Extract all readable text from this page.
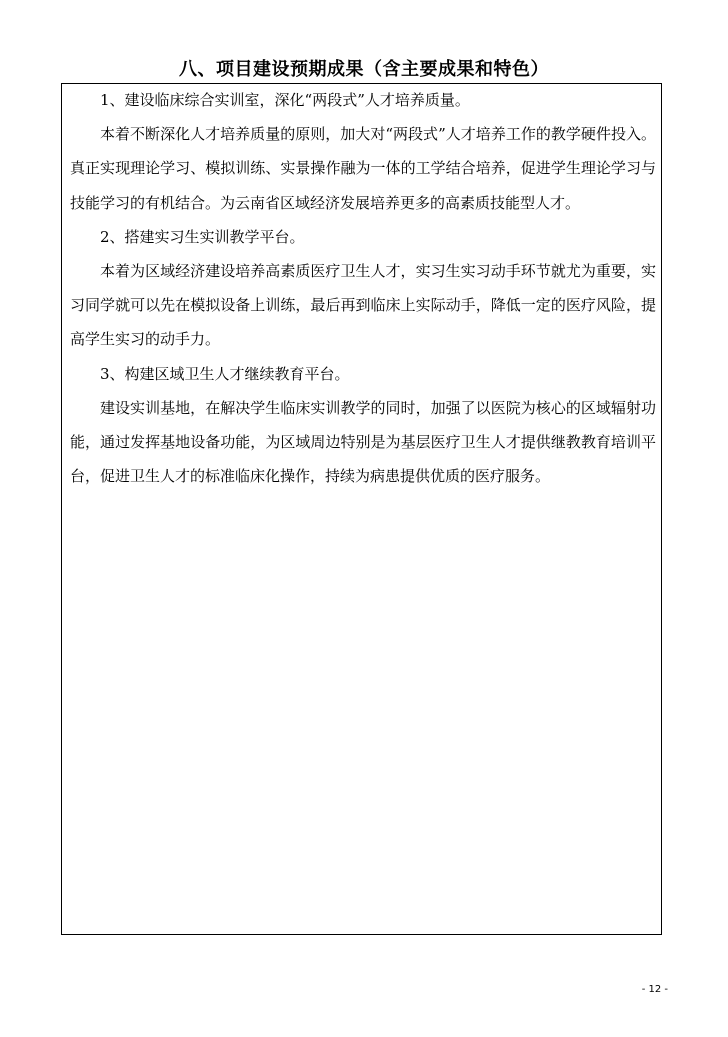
八、项目建设预期成果（含主要成果和特色）

1、建设临床综合实训室，深化“两段式”人才培养质量。

本着不断深化人才培养质量的原则，加大对“两段式”人才培养工作的教学硬件投入。真正实现理论学习、模拟训练、实景操作融为一体的工学结合培养，促进学生理论学习与技能学习的有机结合。为云南省区域经济发展培养更多的高素质技能型人才。

2、搭建实习生实训教学平台。

本着为区域经济建设培养高素质医疗卫生人才，实习生实习动手环节就尤为重要，实习同学就可以先在模拟设备上训练，最后再到临床上实际动手，降低一定的医疗风险，提高学生实习的动手力。

3、构建区域卫生人才继续教育平台。

建设实训基地，在解决学生临床实训教学的同时，加强了以医院为核心的区域辐射功能，通过发挥基地设备功能，为区域周边特别是为基层医疗卫生人才提供继教教育培训平台，促进卫生人才的标准临床化操作，持续为病患提供优质的医疗服务。

- 12 -
